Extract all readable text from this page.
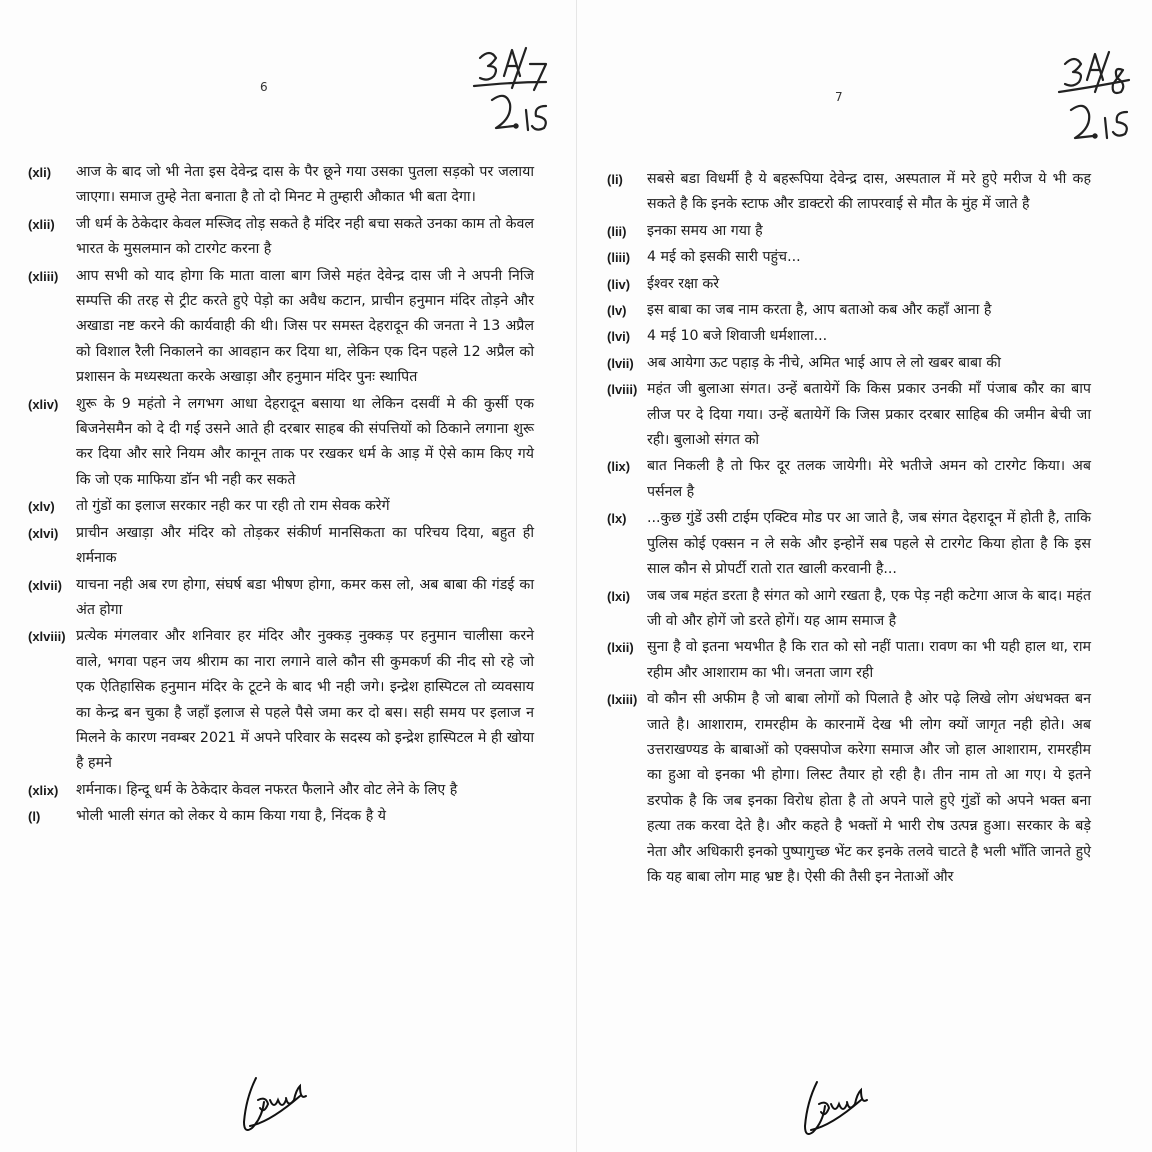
6
(xli)	आज के बाद जो भी नेता इस देवेन्द्र दास के पैर छूने गया उसका पुतला सड़को पर जलाया जाएगा। समाज तुम्हे नेता बनाता है तो दो मिनट मे तुम्हारी औकात भी बता देगा।
(xlii)	जी धर्म के ठेकेदार केवल मस्जिद तोड़ सकते है मंदिर नही बचा सकते उनका काम तो केवल भारत के मुसलमान को टारगेट करना है
(xliii)	आप सभी को याद होगा कि माता वाला बाग जिसे महंत देवेन्द्र दास जी ने अपनी निजि सम्पत्ति की तरह से ट्रीट करते हुऐ पेड़ो का अवैध कटान, प्राचीन हनुमान मंदिर तोड़ने और अखाडा नष्ट करने की कार्यवाही की थी। जिस पर समस्त देहरादून की जनता ने 13 अप्रैल को विशाल रैली निकालने का आवहान कर दिया था, लेकिन एक दिन पहले 12 अप्रैल को प्रशासन के मध्यस्थता करके अखाड़ा और हनुमान मंदिर पुनः स्थापित
(xliv)	शुरू के 9 महंतो ने लगभग आधा देहरादून बसाया था लेकिन दसवीं मे की कुर्सी एक बिजनेसमैन को दे दी गई उसने आते ही दरबार साहब की संपत्तियों को ठिकाने लगाना शुरू कर दिया और सारे नियम और कानून ताक पर रखकर धर्म के आड़ में ऐसे काम किए गये कि जो एक माफिया डॉन भी नही कर सकते
(xlv)	तो गुंडों का इलाज सरकार नही कर पा रही तो राम सेवक करेगें
(xlvi)	प्राचीन अखाड़ा और मंदिर को तोड़कर संकीर्ण मानसिकता का परिचय दिया, बहुत ही शर्मनाक
(xlvii) याचना नही अब रण होगा, संघर्ष बडा भीषण होगा, कमर कस लो, अब बाबा की गंडई का अंत होगा
(xlviii) प्रत्येक मंगलवार और शनिवार हर मंदिर और नुक्कड़ नुक्कड़ पर हनुमान चालीसा करने वाले, भगवा पहन जय श्रीराम का नारा लगाने वाले कौन सी कुमकर्ण की नीद सो रहे जो एक ऐतिहासिक हनुमान मंदिर के टूटने के बाद भी नही जगे। इन्द्रेश हास्पिटल तो व्यवसाय का केन्द्र बन चुका है जहॉं इलाज से पहले पैसे जमा कर दो बस। सही समय पर इलाज न मिलने के कारण नवम्बर 2021 में अपने परिवार के सदस्य को इन्द्रेश हास्पिटल मे ही खोया है हमने
(xlix)	शर्मनाक। हिन्दू धर्म के ठेकेदार केवल नफरत फैलाने और वोट लेने के लिए है
(l)	भोली भाली संगत को लेकर ये काम किया गया है, निंदक है ये
7
(li)	सबसे बडा विधर्मी है ये बहरूपिया देवेन्द्र दास, अस्पताल में मरे हुऐ मरीज ये भी कह सकते है कि इनके स्टाफ और डाक्टरो की लापरवाई से मौत के मुंह में जाते है
(lii)	इनका समय आ गया है
(liii)	4 मई को इसकी सारी पहुंच...
(liv)	ईश्वर रक्षा करे
(lv)	इस बाबा का जब नाम करता है, आप बताओ कब और कहॉं आना है
(lvi)	4 मई 10 बजे शिवाजी धर्मशाला...
(lvii) अब आयेगा ऊट पहाड़ के नीचे, अमित भाई आप ले लो खबर बाबा की
(lviii) महंत जी बुलाआ संगत। उन्हें बतायेगें कि किस प्रकार उनकी मॉं पंजाब कौर का बाप लीज पर दे दिया गया। उन्हें बतायेगें कि जिस प्रकार दरबार साहिब की जमीन बेची जा रही। बुलाओ संगत को
(lix)	बात निकली है तो फिर दूर तलक जायेगी। मेरे भतीजे अमन को टारगेट किया। अब पर्सनल है
(lx)	...कुछ गुंडें उसी टाईम एक्टिव मोड पर आ जाते है, जब संगत देहरादून में होती है, ताकि पुलिस कोई एक्सन न ले सके और इन्होनें सब पहले से टारगेट किया होता है कि इस साल कौन से प्रोपर्टी रातो रात खाली करवानी है...
(lxi)	जब जब महंत डरता है संगत को आगे रखता है, एक पेड़ नही कटेगा आज के बाद। महंत जी वो और होगें जो डरते होगें। यह आम समाज है
(lxii) सुना है वो इतना भयभीत है कि रात को सो नहीं पाता। रावण का भी यही हाल था, राम रहीम और आशाराम का भी। जनता जाग रही
(lxiii) वो कौन सी अफीम है जो बाबा लोगों को पिलाते है ओर पढ़े लिखे लोग अंधभक्त बन जाते है। आशाराम, रामरहीम के कारनामें देख भी लोग क्यों जागृत नही होते। अब उत्तराखण्यड के बाबाओं को एक्सपोज करेगा समाज और जो हाल आशाराम, रामरहीम का हुआ वो इनका भी होगा। लिस्ट तैयार हो रही है। तीन नाम तो आ गए। ये इतने डरपोक है कि जब इनका विरोध होता है तो अपने पाले हुऐ गुंडों को अपने भक्त बना हत्या तक करवा देते है। और कहते है भक्तों मे भारी रोष उत्पन्न हुआ। सरकार के बड़े नेता और अधिकारी इनको पुष्पागुच्छ भेंट कर इनके तलवे चाटते है भली भॉंति जानते हुऐ कि यह बाबा लोग माह भ्रष्ट है। ऐसी की तैसी इन नेताओं और
